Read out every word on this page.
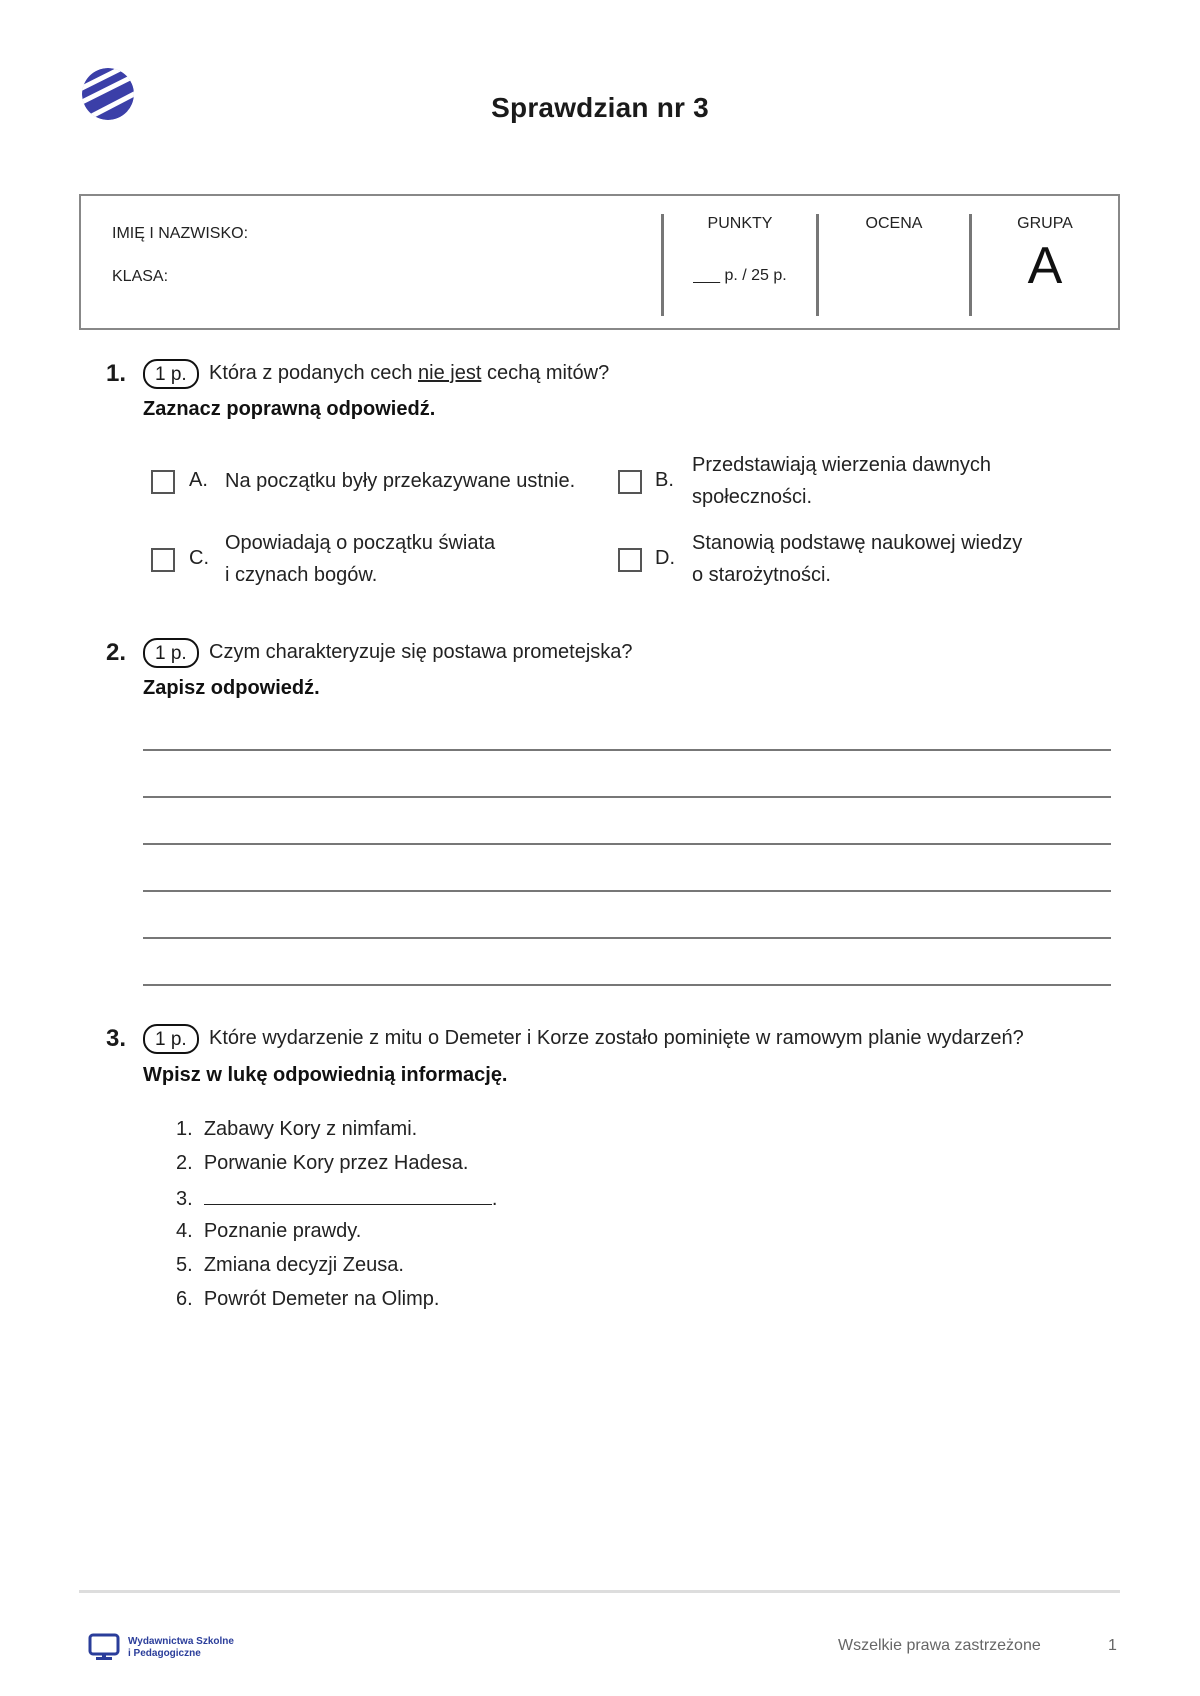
Sprawdzian nr 3
IMIĘ I NAZWISKO:
KLASA:
PUNKTY
___ p. / 25 p.
OCENA	GRUPA
A
1.	1 p.	Która z podanych cech nie jest cechą mitów?
Zaznacz poprawną odpowiedź.
A. Na początku były przekazywane ustnie.	B.
Przedstawiają wierzenia dawnych
społeczności.
C.
Opowiadają o początku świata
i czynach bogów.
D.
Stanowią podstawę naukowej wiedzy
o starożytności.
2.	1 p.	Czym charakteryzuje się postawa prometejska?
Zapisz odpowiedź.
3.	1 p.	Które wydarzenie z mitu o Demeter i Korze zostało pominięte w ramowym planie wydarzeń?
Wpisz w lukę odpowiednią informację.
1. Zabawy Kory z nimfami.
2. Porwanie Kory przez Hadesa.
3.	.
4. Poznanie prawdy.
5. Zmiana decyzji Zeusa.
6. Powrót Demeter na Olimp.
Wydawnictwa Szkolne
i Pedagogiczne	Wszelkie prawa zastrzeżone	1
